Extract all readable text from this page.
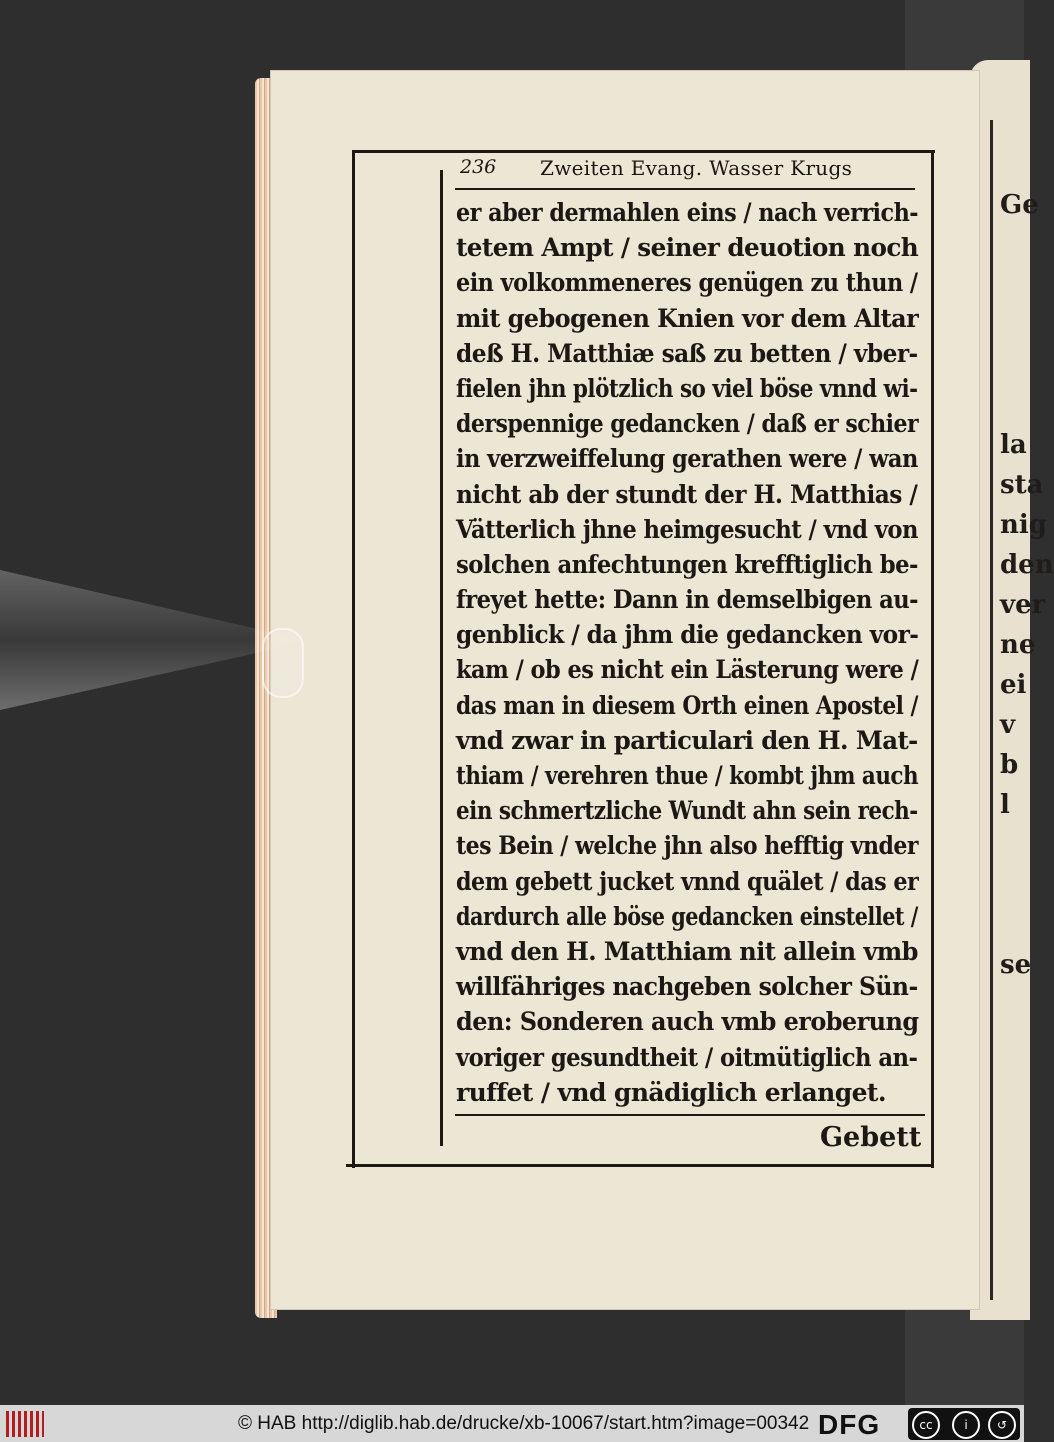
Ge
la
sta
nig
den
ver
ne
ei
v
b
l
se
236 Zweiten Evang. Wasser Krugs
er aber dermahlen eins / nach verrich-
tetem Ampt / seiner deuotion noch
ein volkommeneres genügen zu thun /
mit gebogenen Knien vor dem Altar
deß H. Matthiæ saß zu betten / vber-
fielen jhn plötzlich so viel böse vnnd wi-
derspennige gedancken / daß er schier
in verzweiffelung gerathen were / wan
nicht ab der stundt der H. Matthias /
Vätterlich jhne heimgesucht / vnd von
solchen anfechtungen krefftiglich be-
freyet hette: Dann in demselbigen au-
genblick / da jhm die gedancken vor-
kam / ob es nicht ein Lästerung were /
das man in diesem Orth einen Apostel /
vnd zwar in particulari den H. Mat-
thiam / verehren thue / kombt jhm auch
ein schmertzliche Wundt ahn sein rech-
tes Bein / welche jhn also hefftig vnder
dem gebett jucket vnnd quälet / das er
dardurch alle böse gedancken einstellet /
vnd den H. Matthiam nit allein vmb
willfähriges nachgeben solcher Sün-
den: Sonderen auch vmb eroberung
voriger gesundtheit / oitmütiglich an-
ruffet / vnd gnädiglich erlanget.
Gebett
© HAB http://diglib.hab.de/drucke/xb-10067/start.htm?image=00342 DFG	cc	i	↺
